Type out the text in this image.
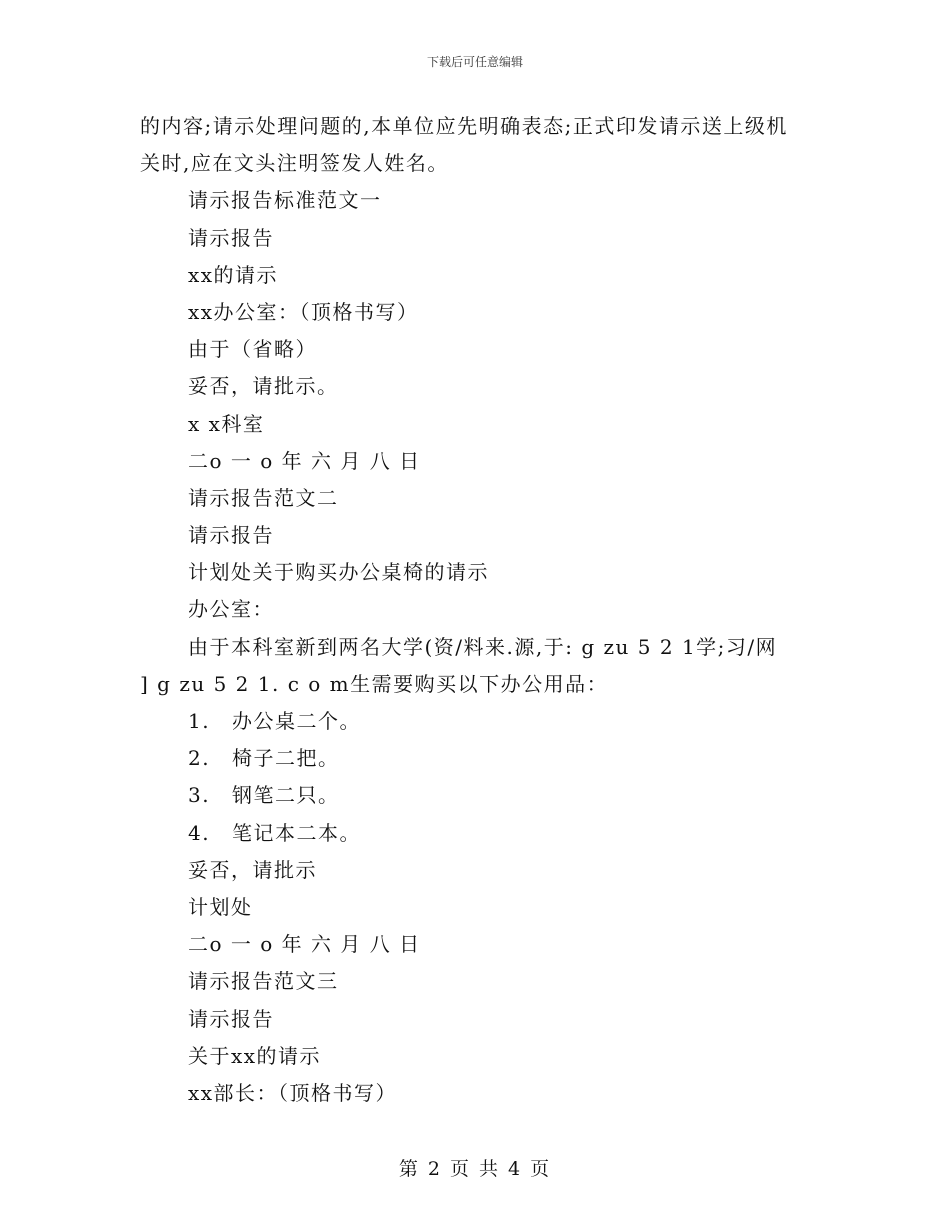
下载后可任意编辑
的内容;请示处理问题的,本单位应先明确表态;正式印发请示送上级机
关时,应在文头注明签发人姓名。
请示报告标准范文一
请示报告
xx的请示
xx办公室：（顶格书写）
由于（省略）
妥否，请批示。
x x科室
二o 一 o 年 六 月 八 日
请示报告范文二
请示报告
计划处关于购买办公桌椅的请示
办公室：
由于本科室新到两名大学(资/料来.源,于: g zu 5 2 1学;习/网
] g zu 5 2 1. c o m生需要购买以下办公用品：
1. 办公桌二个。
2. 椅子二把。
3. 钢笔二只。
4. 笔记本二本。
妥否，请批示
计划处
二o 一 o 年 六 月 八 日
请示报告范文三
请示报告
关于xx的请示
xx部长：（顶格书写）
第 2 页 共 4 页
